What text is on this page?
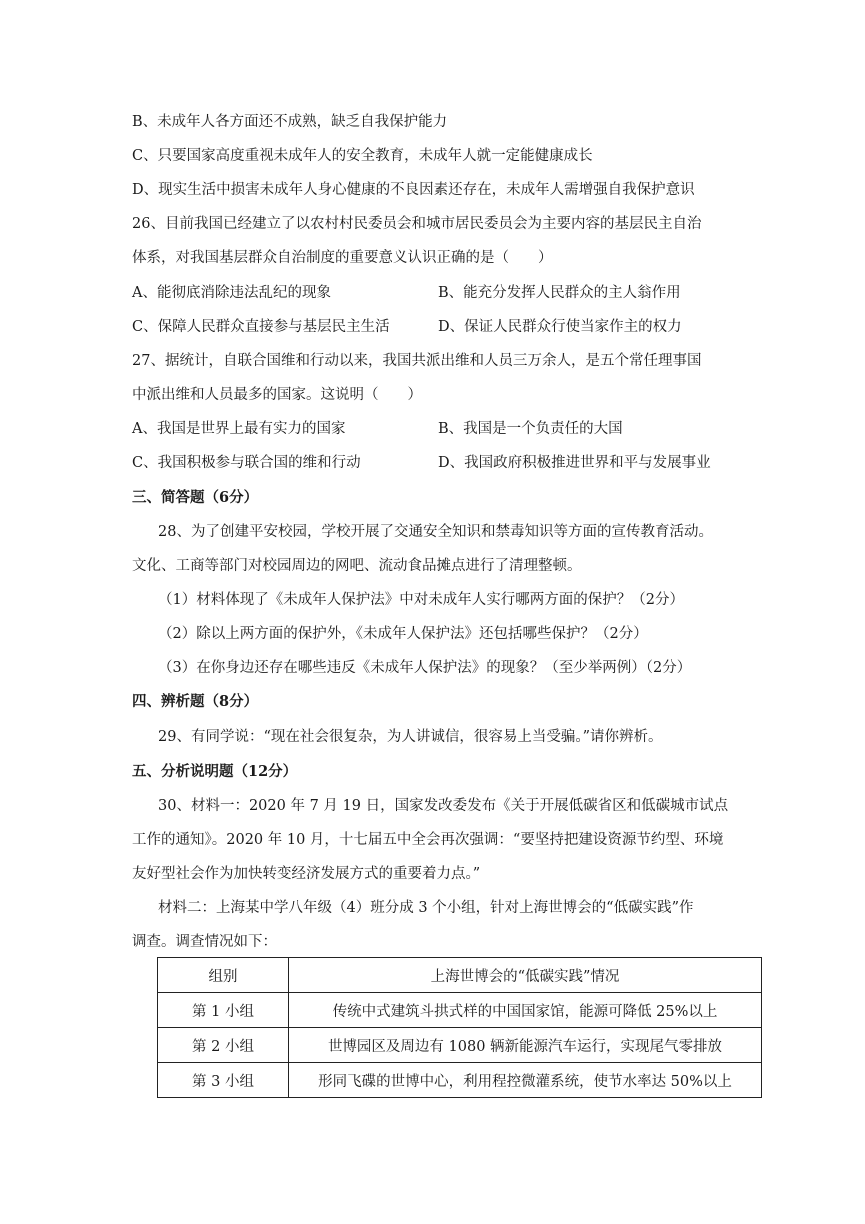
B、未成年人各方面还不成熟，缺乏自我保护能力
C、只要国家高度重视未成年人的安全教育，未成年人就一定能健康成长
D、现实生活中损害未成年人身心健康的不良因素还存在，未成年人需增强自我保护意识
26、目前我国已经建立了以农村村民委员会和城市居民委员会为主要内容的基层民主自治
体系，对我国基层群众自治制度的重要意义认识正确的是（　　）
A、能彻底消除违法乱纪的现象	B、能充分发挥人民群众的主人翁作用
C、保障人民群众直接参与基层民主生活	D、保证人民群众行使当家作主的权力
27、据统计，自联合国维和行动以来，我国共派出维和人员三万余人，是五个常任理事国
中派出维和人员最多的国家。这说明（　　）
A、我国是世界上最有实力的国家	B、我国是一个负责任的大国
C、我国积极参与联合国的维和行动	D、我国政府积极推进世界和平与发展事业
三、简答题（6分）
28、为了创建平安校园，学校开展了交通安全知识和禁毒知识等方面的宣传教育活动。
文化、工商等部门对校园周边的网吧、流动食品摊点进行了清理整顿。
（1）材料体现了《未成年人保护法》中对未成年人实行哪两方面的保护？（2分）
（2）除以上两方面的保护外，《未成年人保护法》还包括哪些保护？（2分）
（3）在你身边还存在哪些违反《未成年人保护法》的现象？（至少举两例）（2分）
四、辨析题（8分）
29、有同学说：“现在社会很复杂，为人讲诚信，很容易上当受骗。”请你辨析。
五、分析说明题（12分）
30、材料一：2020 年 7 月 19 日，国家发改委发布《关于开展低碳省区和低碳城市试点
工作的通知》。2020 年 10 月，十七届五中全会再次强调：“要坚持把建设资源节约型、环境
友好型社会作为加快转变经济发展方式的重要着力点。”
材料二：上海某中学八年级（4）班分成 3 个小组，针对上海世博会的“低碳实践”作
调查。调查情况如下：
组别	上海世博会的“低碳实践”情况
第 1 小组	传统中式建筑斗拱式样的中国国家馆，能源可降低 25%以上
第 2 小组	世博园区及周边有 1080 辆新能源汽车运行，实现尾气零排放
第 3 小组	形同飞碟的世博中心，利用程控微灌系统，使节水率达 50%以上
